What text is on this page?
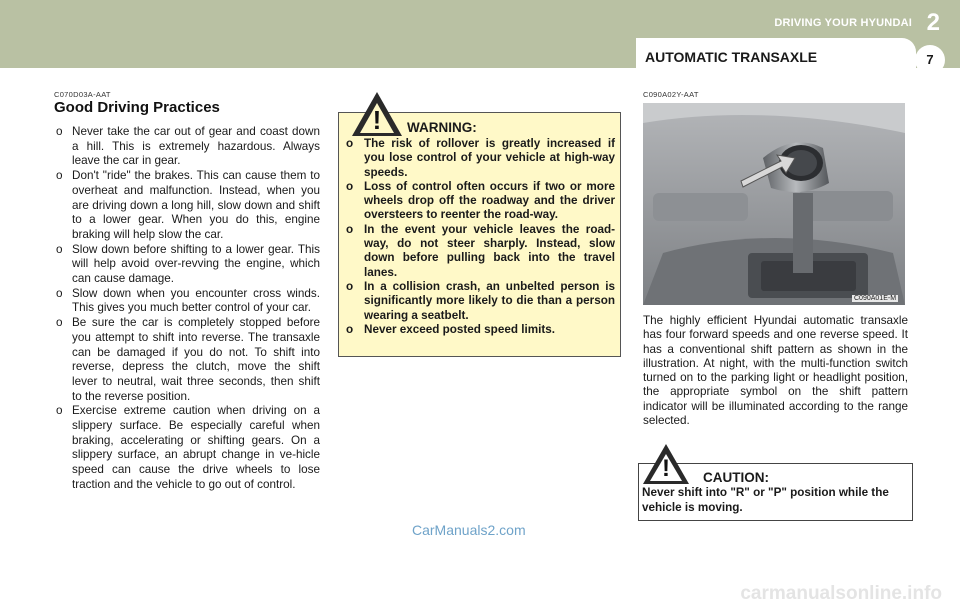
DRIVING YOUR HYUNDAI 2
AUTOMATIC TRANSAXLE	7
C070D03A-AAT
Good Driving Practices
o Never take the car out of gear and coast down a hill. This is extremely hazardous. Always leave the car in gear.
o Don't "ride" the brakes. This can cause them to overheat and malfunction. Instead, when you are driving down a long hill, slow down and shift to a lower gear. When you do this, engine braking will help slow the car.
o Slow down before shifting to a lower gear. This will help avoid over-revving the engine, which can cause damage.
o Slow down when you encounter cross winds. This gives you much better control of your car.
o Be sure the car is completely stopped before you attempt to shift into reverse. The transaxle can be damaged if you do not. To shift into reverse, depress the clutch, move the shift lever to neutral, wait three seconds, then shift to the reverse position.
o Exercise extreme caution when driving on a slippery surface. Be especially careful when braking, accelerating or shifting gears. On a slippery surface, an abrupt change in ve-hicle speed can cause the drive wheels to lose traction and the vehicle to go out of control.
!	WARNING:
o The risk of rollover is greatly increased if you lose control of your vehicle at high-way speeds.
o Loss of control often occurs if two or more wheels drop off the roadway and the driver oversteers to reenter the road-way.
o In the event your vehicle leaves the road-way, do not steer sharply. Instead, slow down before pulling back into the travel lanes.
o In a collision crash, an unbelted person is significantly more likely to die than a person wearing a seatbelt.
o Never exceed posted speed limits.
C090A02Y-AAT
C090A01E-M

The highly efficient Hyundai automatic transaxle has four forward speeds and one reverse speed. It has a conventional shift pattern as shown in the illustration. At night, with the multi-function switch turned on to the parking light or headlight position, the appropriate symbol on the shift pattern indicator will be illuminated according to the range selected.

!	CAUTION:
Never shift into "R" or "P" position while the vehicle is moving.
CarManuals2.com
carmanualsonline.info
